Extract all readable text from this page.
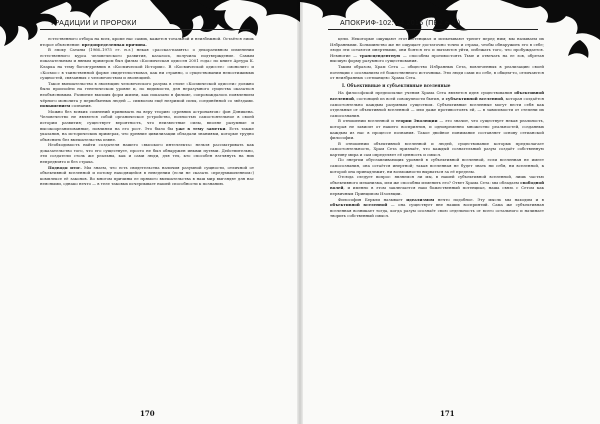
ТРАДИЦИИ И ПРОРОКИ

естественного отбора на всех, кроме нас самих, кажется тотальной и неизбежной. Остаётся лишь второе объяснение: предопределенная причина.

В эпоху Сатаны (1966–1975 гг. н.э.) некая «рассказ-память» о декоративном изменении естественного курса человеческого развития, казалось, получила подтверждение. Самым показательным и явным примером был фильм «Космическая одиссея 2001 года» по книге Артура К. Кларка на тему богов-древних в «Космической Истории». В «Космической одиссее» «монолит» и «Космос» в таинственной форме свидетельствовал, как ни странно, о существовании непостижимых сущностей, связанных с человечеством и эволюцией.

Такое вмешательство в эволюцию человеческого разума в стиле «Космической одиссеи» должно было произойти на генетическом уровне и, по видимости, для неразумного существа оказаться необъяснимым. Развитие высших форм жизни, как показано в фильме, сопровождалось появлением чёрного монолита у первобытных людей — символом ещё незримой силы, соединённой со звёздами. повышением сознания.

Можно без всяких сомнений принимать на веру теорию «древних астронавтов» фон Дэникена. Человечество не является собой органическое устройство, полностью самостоятельное в своей истории развития; существует вероятность, что неизвестные силы, вполне разумные и высокоорганизованные, повлияли на его рост. Это было бы уже в тему заметки. Есть также указания, на исторических примерах, что древние цивилизации обладали знаниями, которые трудно объяснить без вмешательства извне.

Необходимость найти создателя нашего «высокого интеллекта» нельзя рассматривать как доказательство того, что его существует, просто не был обнаружен иными путями. Действительно, эти создатели столь же реальны, как и сами люди, для тех, кто способен взглянуть на них непредвзято и без страха.

Подводя итог. Мы знаем, что есть свидетельства наличия разумной сущности, отличной от объективной вселенной и потому находящейся в неведении (если не сказать «предумышленном») комплексе её законов. Во многом причины ее прямого вмешательства в наш мир выглядят для нас неясными, однако нечто — в теле таковых исчерпывает нашей способности к познанию.

170
АПОКРИФ-102: 04.2016 (ПЕ2 е.н.)

цели. Некоторые ощущают этот потенциал и испытывают трепет перед ним; мы называем их Избранными. Большинство же не ощущает достаточно точно и страха, чтобы обнаружить его в себе; люди эти остаются инертными, они боятся его и пытаются уйти, избежать того, что пробуждается. Немногие — трансцендентную — способны противостоять Тьме и отвечать на ее зов, обретая высшую форму разумного существования.

Таким образом, Храм Сета — общество Избранных Сета, вовлеченных в реализацию своей потенции с осознанием её божественного источника. Эти люди сами по себе, в общем-то, отличаются от неизбранных «сетианцев» Храма Сета.

I. Объективные и субъективные вселенные

На философской предпосылке учения Храма Сета является идея существования объективной вселенной, состоящей из всей совокупности бытия, и субъективной вселенной, которая создаётся самостоятельно каждым разумным существом. Субъективные вселенные могут вести себя как отдельные от объективной вселенной — или даже противостоять ей, — в зависимости от степени их самосознания.

В отношении вселенной и теории Эволюции — это значит, что существует некая реальность, которая не зависит от нашего восприятия, и одновременно множество реальностей, созданных каждым из нас в процессе познания. Такое двойное понимание составляет основу сетианской философии.

В отношении объективной вселенной и людей, существование которых предполагает самостоятельность, Храм Сета признаёт, что каждый сознательный разум создаёт собственную картину мира и сам определяет её ценность и смысл.

По энергии обуславливающих уровней в субъективной вселенной, если вселенная не имеет самосознания, она остаётся инертной; такая вселенная не будет знать ни себя, ни вселенной, к которой она принадлежит, ни возможности вырваться за её пределы.

Отсюда следует вопрос: являемся ли мы, в нашей субъективной вселенной, лишь частью объективного механизма, или же способны изменить его? Ответ Храма Сета: мы обладаем свободной волей, и именно в этом заключается наш божественный потенциал, наша связь с Сетом как первичным Принципом Изоляции.

Философия Беркли называет идеализмом нечто подобное. Эту мысль мы находим и в объективной вселенной — она существует вне наших восприятий. Сама же субъективная вселенная возникает тогда, когда разум осознаёт свою отдельность от всего остального и начинает творить собственный смысл.

171
